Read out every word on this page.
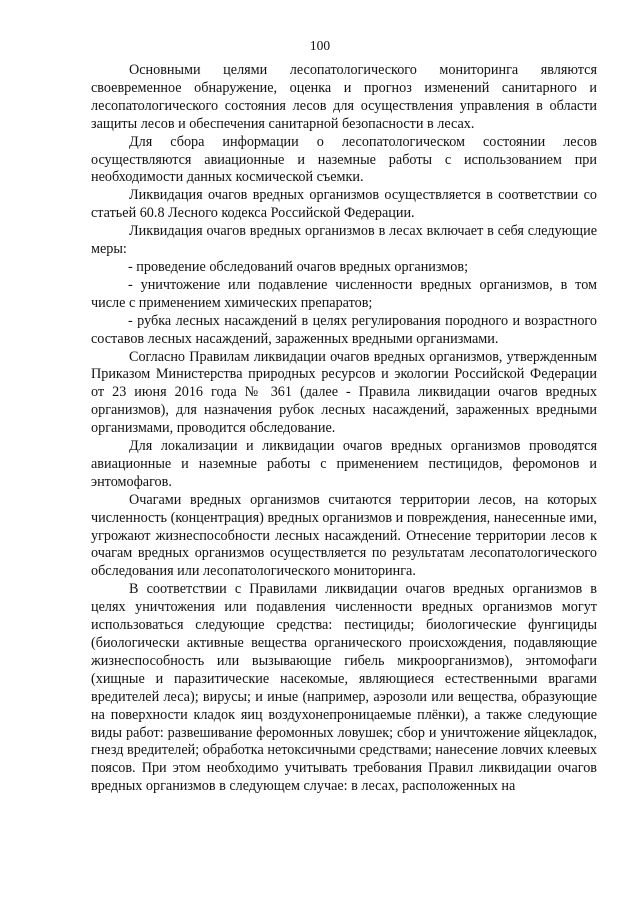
100

Основными целями лесопатологического мониторинга являются своевременное обнаружение, оценка и прогноз изменений санитарного и лесопатологического состояния лесов для осуществления управления в области защиты лесов и обеспечения санитарной безопасности в лесах.

Для сбора информации о лесопатологическом состоянии лесов осуществляются авиационные и наземные работы с использованием при необходимости данных космической съемки.

Ликвидация очагов вредных организмов осуществляется в соответствии со статьей 60.8 Лесного кодекса Российской Федерации.

Ликвидация очагов вредных организмов в лесах включает в себя следующие меры:

- проведение обследований очагов вредных организмов;

- уничтожение или подавление численности вредных организмов, в том числе с применением химических препаратов;

- рубка лесных насаждений в целях регулирования породного и возрастного составов лесных насаждений, зараженных вредными организмами.

Согласно Правилам ликвидации очагов вредных организмов, утвержденным Приказом Министерства природных ресурсов и экологии Российской Федерации от 23 июня 2016 года № 361 (далее - Правила ликвидации очагов вредных организмов), для назначения рубок лесных насаждений, зараженных вредными организмами, проводится обследование.

Для локализации и ликвидации очагов вредных организмов проводятся авиационные и наземные работы с применением пестицидов, феромонов и энтомофагов.

Очагами вредных организмов считаются территории лесов, на которых численность (концентрация) вредных организмов и повреждения, нанесенные ими, угрожают жизнеспособности лесных насаждений. Отнесение территории лесов к очагам вредных организмов осуществляется по результатам лесопатологического обследования или лесопатологического мониторинга.

В соответствии с Правилами ликвидации очагов вредных организмов в целях уничтожения или подавления численности вредных организмов могут использоваться следующие средства: пестициды; биологические фунгициды (биологически активные вещества органического происхождения, подавляющие жизнеспособность или вызывающие гибель микроорганизмов), энтомофаги (хищные и паразитические насекомые, являющиеся естественными врагами вредителей леса); вирусы; и иные (например, аэрозоли или вещества, образующие на поверхности кладок яиц воздухонепроницаемые плёнки), а также следующие виды работ: развешивание феромонных ловушек; сбор и уничтожение яйцекладок, гнезд вредителей; обработка нетоксичными средствами; нанесение ловчих клеевых поясов. При этом необходимо учитывать требования Правил ликвидации очагов вредных организмов в следующем случае: в лесах, расположенных на
